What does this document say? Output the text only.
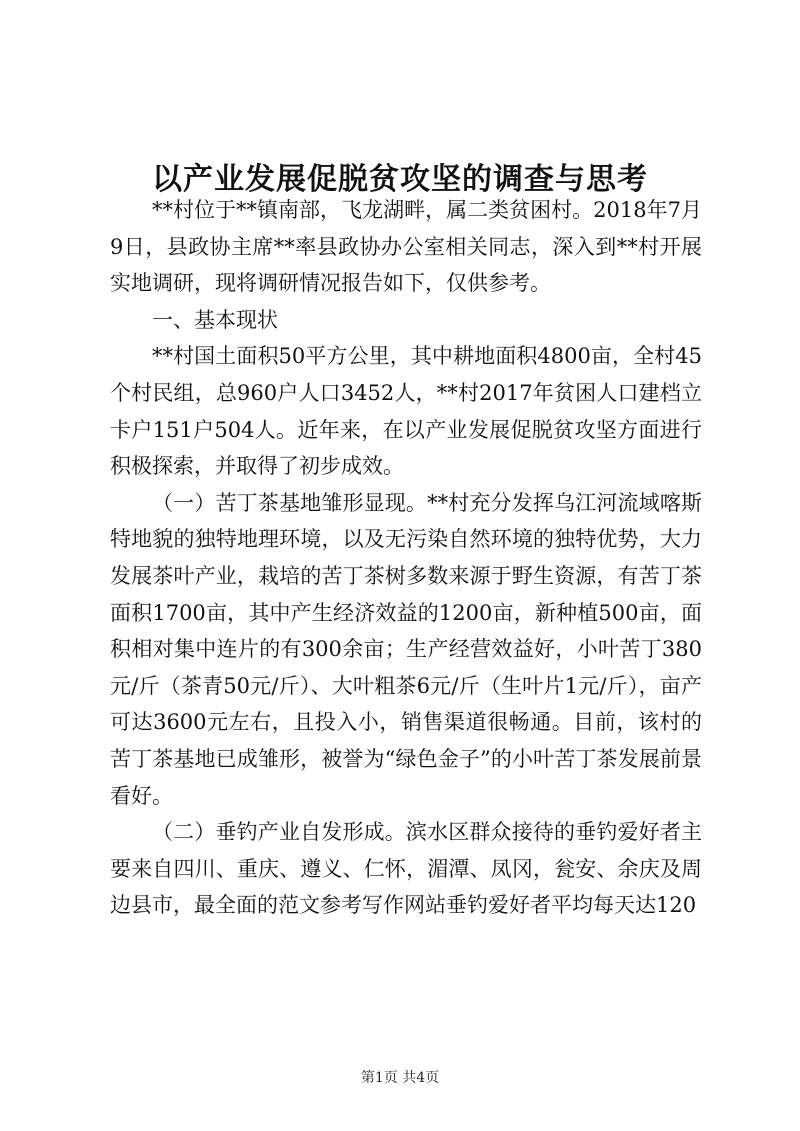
以产业发展促脱贫攻坚的调查与思考

**村位于**镇南部，飞龙湖畔，属二类贫困村。2018年7月9日，县政协主席**率县政协办公室相关同志，深入到**村开展实地调研，现将调研情况报告如下，仅供参考。

一、基本现状

**村国土面积50平方公里，其中耕地面积4800亩，全村45个村民组，总960户人口3452人，**村2017年贫困人口建档立卡户151户504人。近年来，在以产业发展促脱贫攻坚方面进行积极探索，并取得了初步成效。

（一）苦丁茶基地雏形显现。**村充分发挥乌江河流域喀斯特地貌的独特地理环境，以及无污染自然环境的独特优势，大力发展茶叶产业，栽培的苦丁茶树多数来源于野生资源，有苦丁茶面积1700亩，其中产生经济效益的1200亩，新种植500亩，面积相对集中连片的有300余亩；生产经营效益好，小叶苦丁380元/斤（茶青50元/斤）、大叶粗茶6元/斤（生叶片1元/斤），亩产可达3600元左右，且投入小，销售渠道很畅通。目前，该村的苦丁茶基地已成雏形，被誉为“绿色金子”的小叶苦丁茶发展前景看好。

（二）垂钓产业自发形成。滨水区群众接待的垂钓爱好者主要来自四川、重庆、遵义、仁怀，湄潭、凤冈，瓮安、余庆及周边县市，最全面的范文参考写作网站垂钓爱好者平均每天达120

第1页 共4页
